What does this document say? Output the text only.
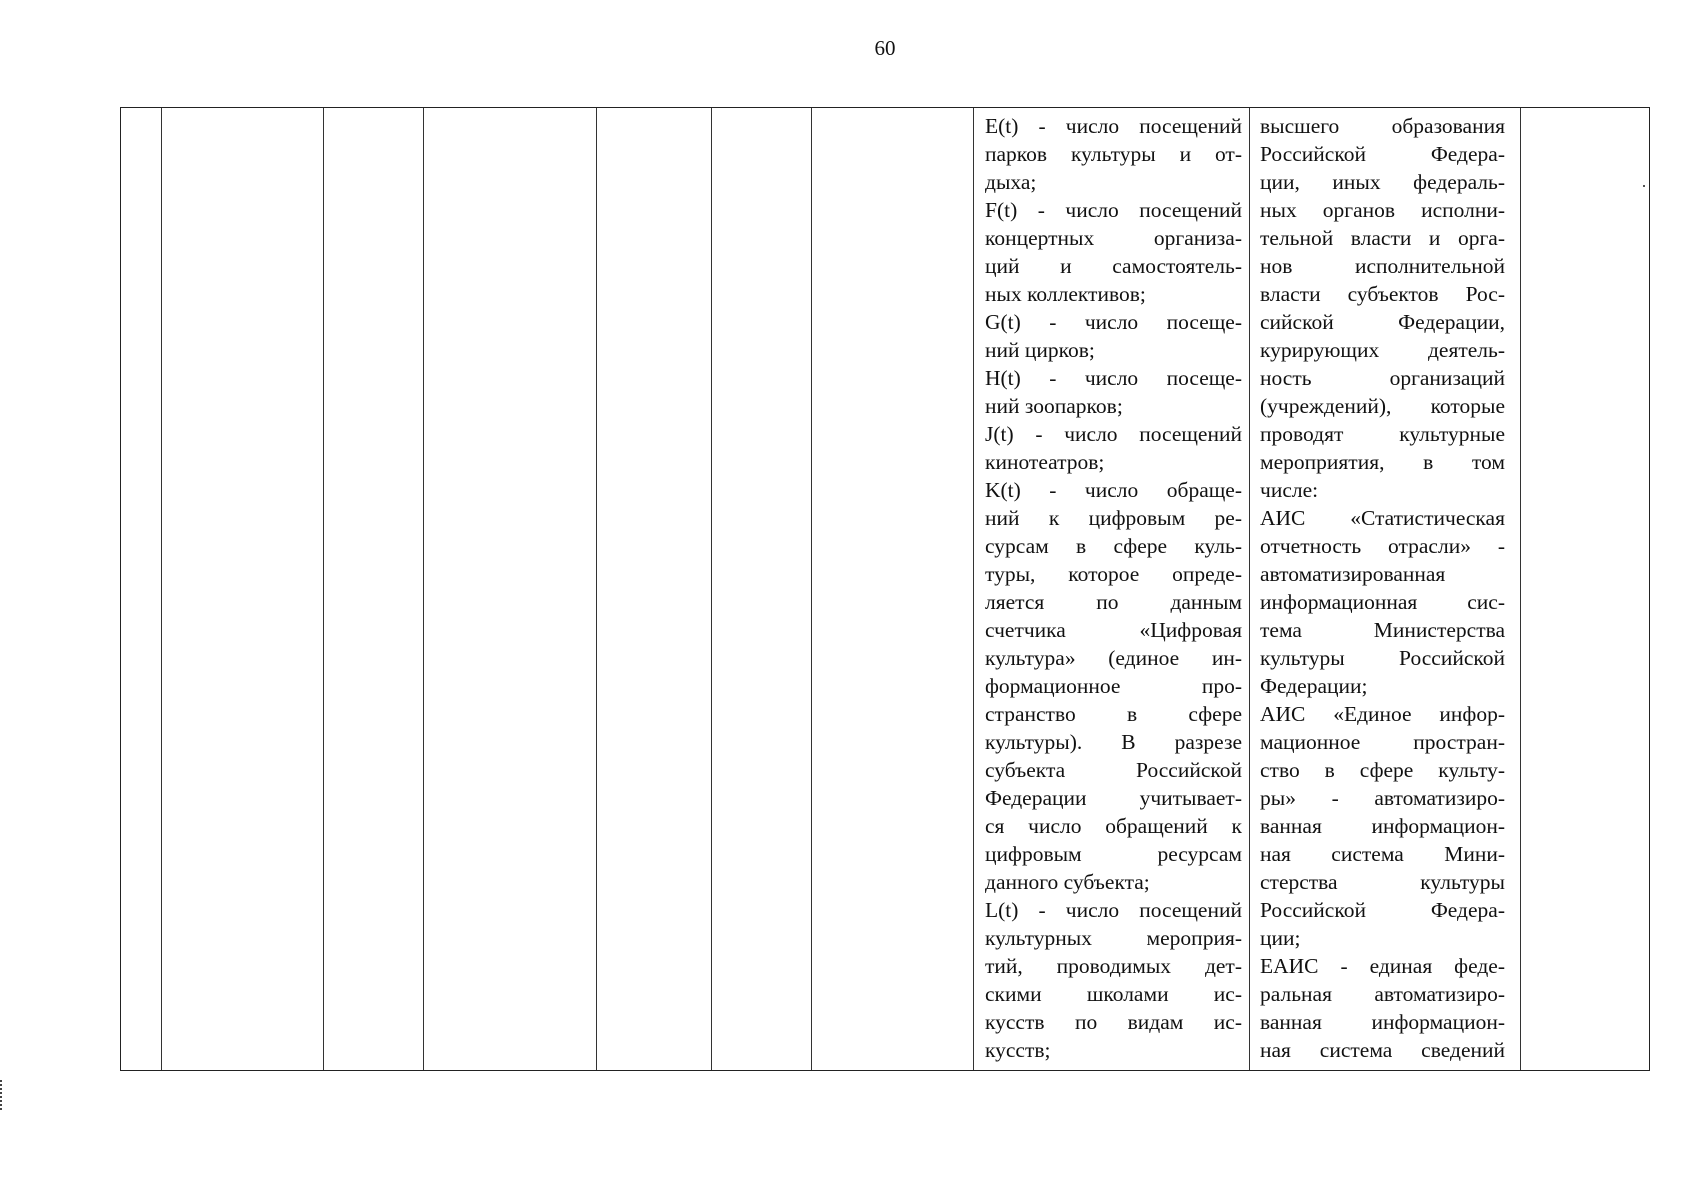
60
E(t) - число посещений
парков культуры и от-
дыха;
F(t) - число посещений
концертных организа-
ций и самостоятель-
ных коллективов;
G(t) - число посеще-
ний цирков;
H(t) - число посеще-
ний зоопарков;
J(t) - число посещений
кинотеатров;
K(t) - число обраще-
ний к цифровым ре-
сурсам в сфере куль-
туры, которое опреде-
ляется по данным
счетчика «Цифровая
культура» (единое ин-
формационное про-
странство в сфере
культуры). В разрезе
субъекта Российской
Федерации учитывает-
ся число обращений к
цифровым ресурсам
данного субъекта;
L(t) - число посещений
культурных мероприя-
тий, проводимых дет-
скими школами ис-
кусств по видам ис-
кусств;
высшего образования
Российской Федера-
ции, иных федераль-
ных органов исполни-
тельной власти и орга-
нов исполнительной
власти субъектов Рос-
сийской Федерации,
курирующих деятель-
ность организаций
(учреждений), которые
проводят культурные
мероприятия, в том
числе:
АИС «Статистическая
отчетность отрасли» -
автоматизированная
информационная сис-
тема Министерства
культуры Российской
Федерации;
АИС «Единое инфор-
мационное простран-
ство в сфере культу-
ры» - автоматизиро-
ванная информацион-
ная система Мини-
стерства культуры
Российской Федера-
ции;
ЕАИС - единая феде-
ральная автоматизиро-
ванная информацион-
ная система сведений
